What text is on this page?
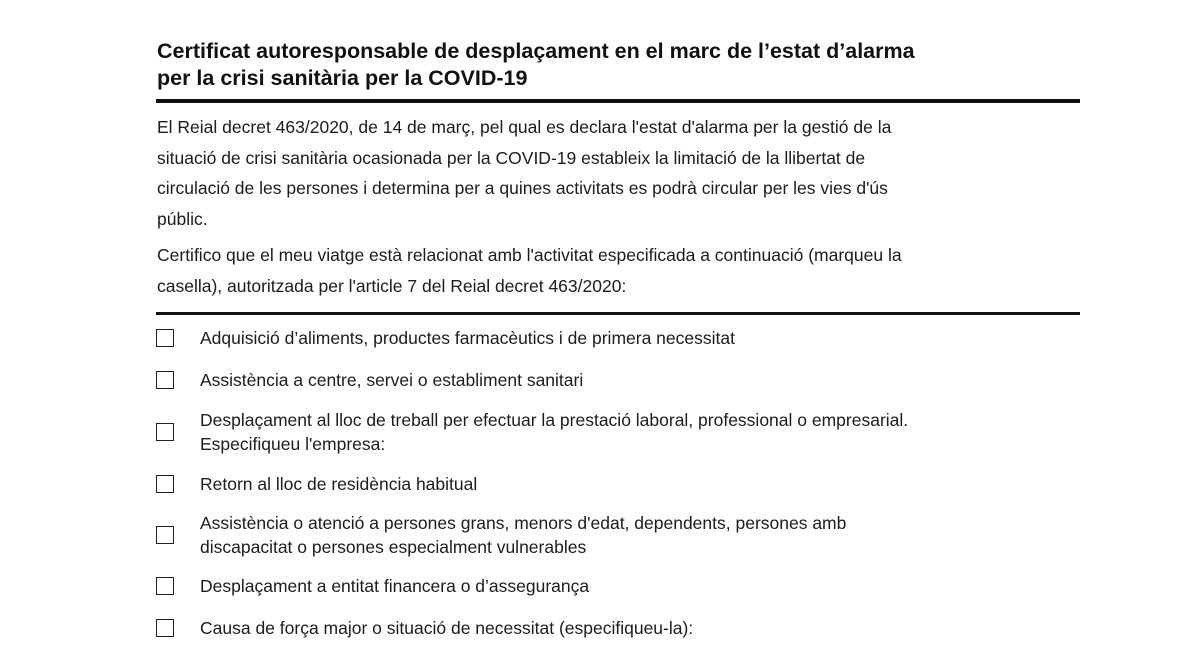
Certificat autoresponsable de desplaçament en el marc de l’estat d’alarma
per la crisi sanitària per la COVID-19
El Reial decret 463/2020, de 14 de març, pel qual es declara l'estat d'alarma per la gestió de la
situació de crisi sanitària ocasionada per la COVID-19 estableix la limitació de la llibertat de
circulació de les persones i determina per a quines activitats es podrà circular per les vies d'ús
públic.
Certifico que el meu viatge està relacionat amb l'activitat especificada a continuació (marqueu la
casella), autoritzada per l'article 7 del Reial decret 463/2020:
Adquisició d’aliments, productes farmacèutics i de primera necessitat
Assistència a centre, servei o establiment sanitari
Desplaçament al lloc de treball per efectuar la prestació laboral, professional o empresarial.
Especifiqueu l'empresa:
Retorn al lloc de residència habitual
Assistència o atenció a persones grans, menors d'edat, dependents, persones amb
discapacitat o persones especialment vulnerables
Desplaçament a entitat financera o d’assegurança
Causa de força major o situació de necessitat (especifiqueu-la):
